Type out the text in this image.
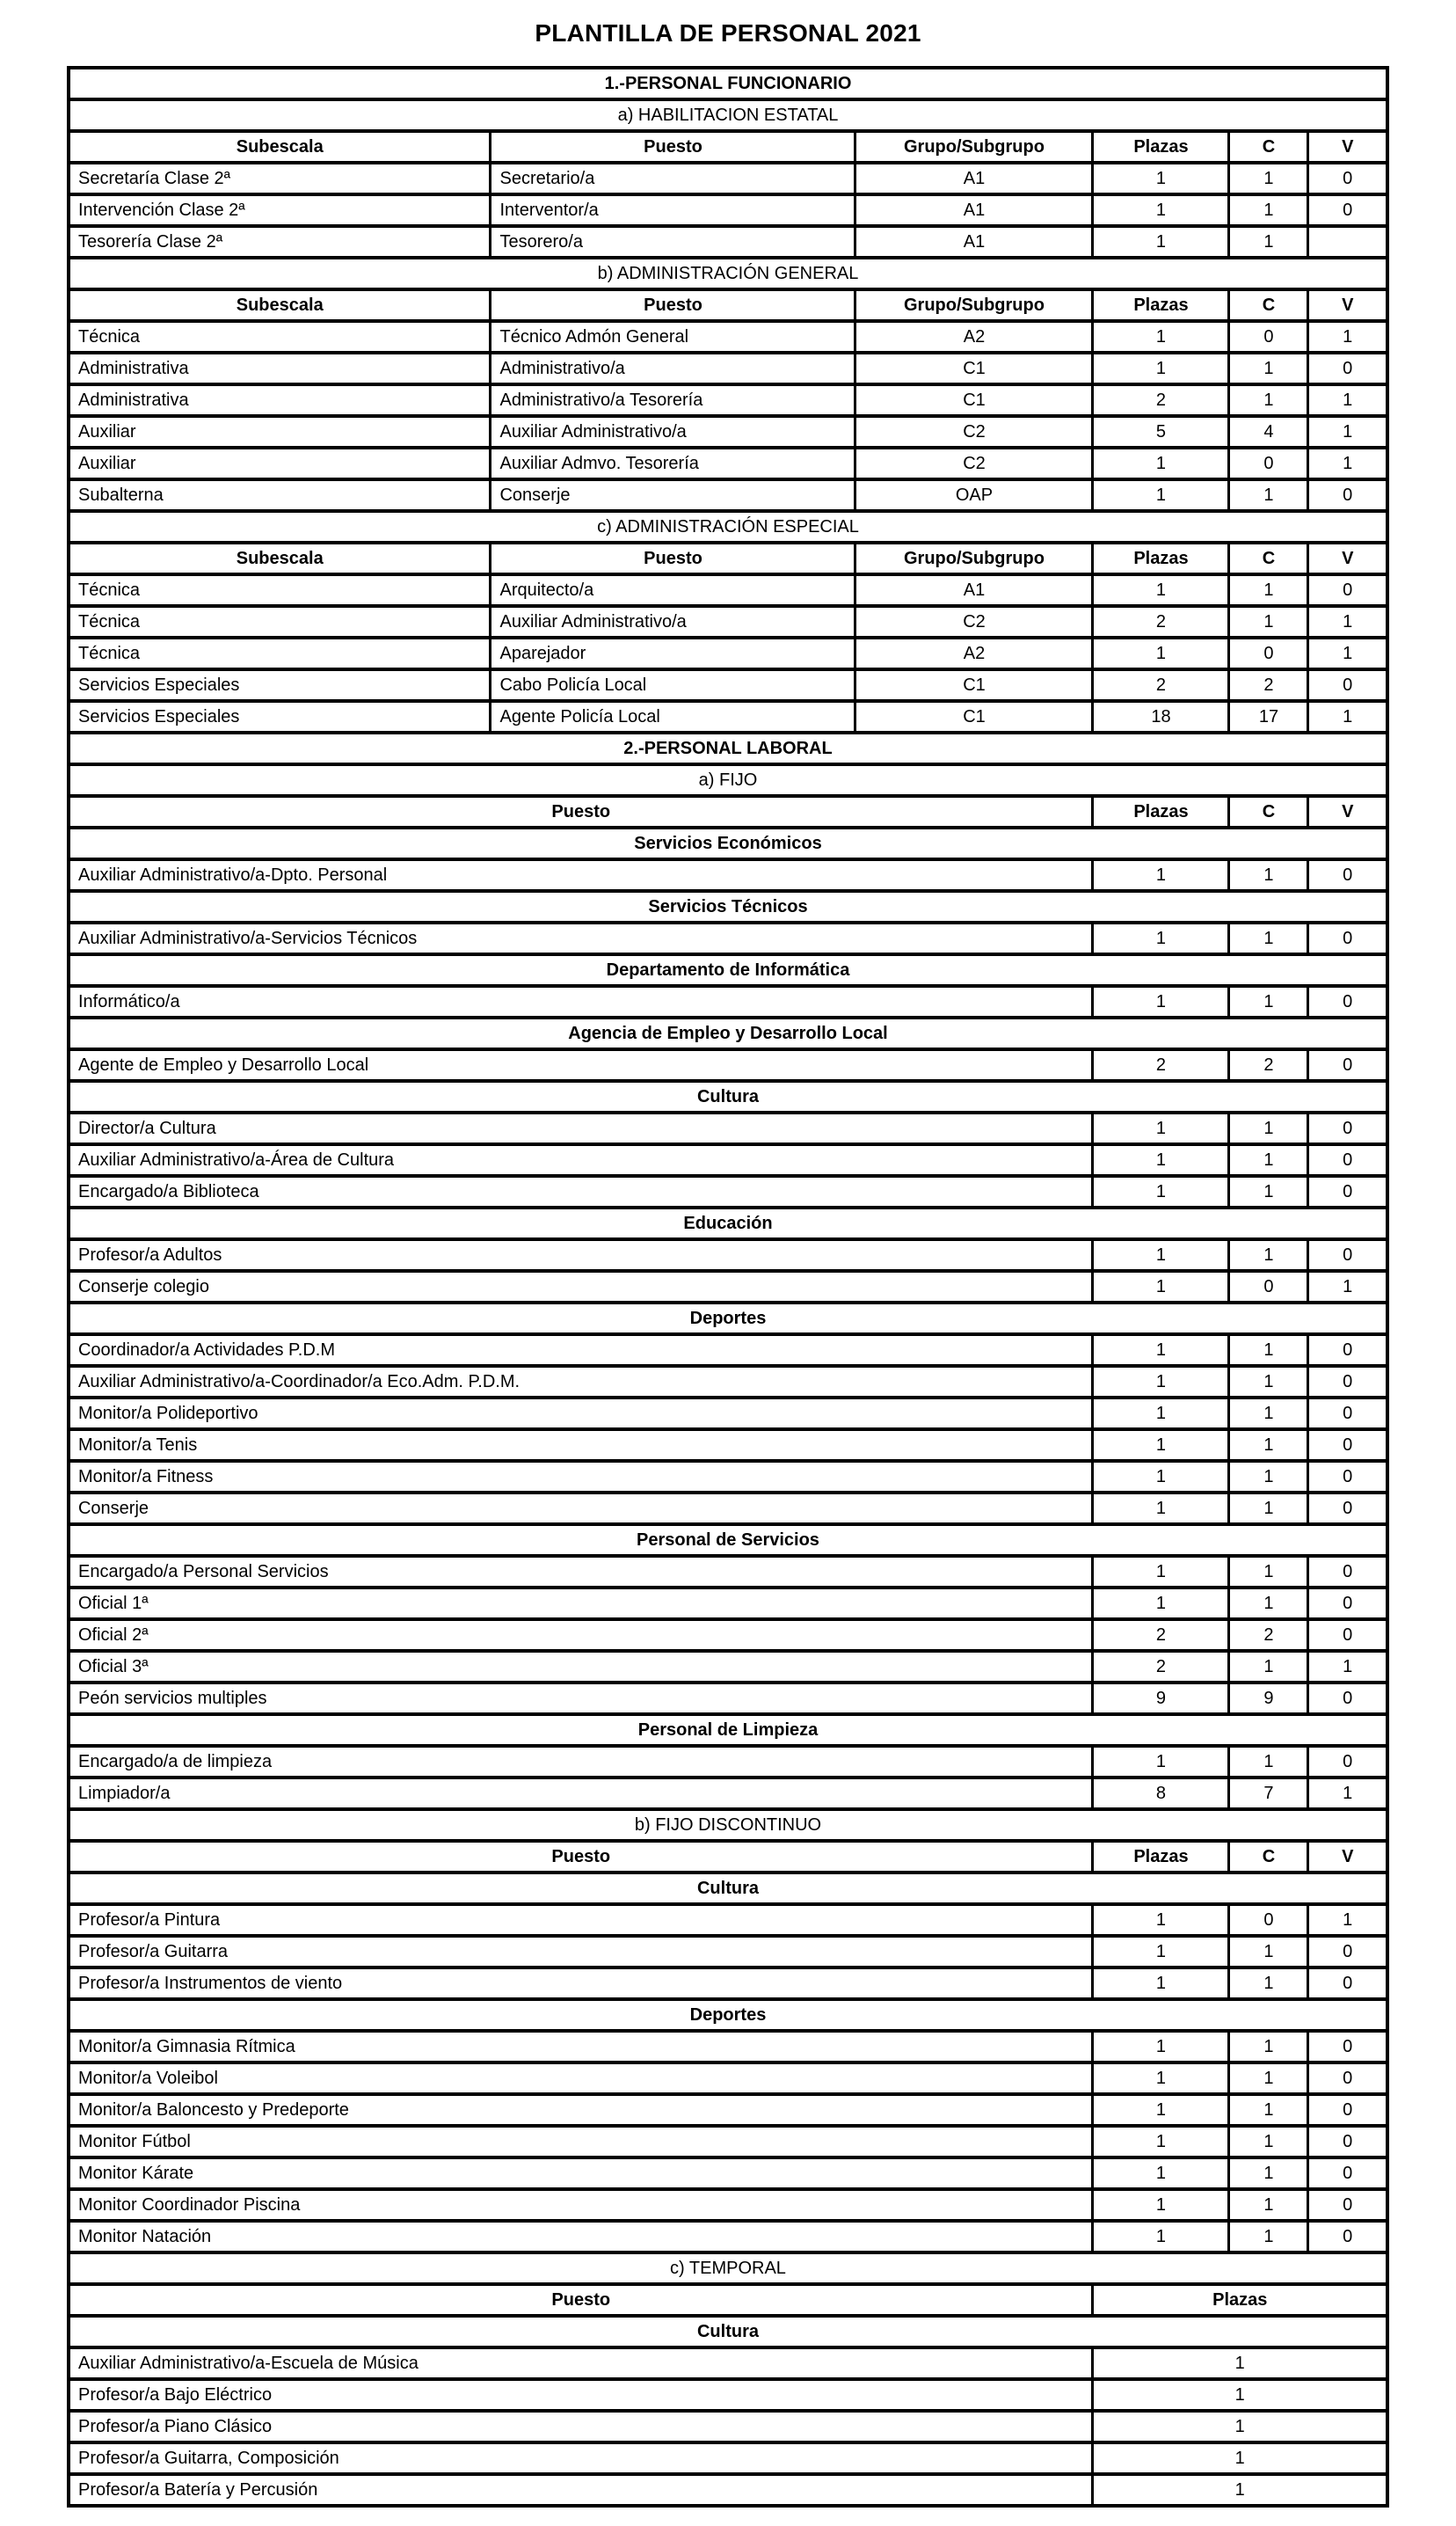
PLANTILLA DE PERSONAL 2021
1.-PERSONAL FUNCIONARIO					
a) HABILITACION ESTATAL					
Subescala	Puesto	Grupo/Subgrupo	Plazas	C	V
Secretaría Clase 2ª	Secretario/a	A1	1	1	0
Intervención Clase 2ª	Interventor/a	A1	1	1	0
Tesorería Clase 2ª	Tesorero/a	A1	1	1	
b) ADMINISTRACIÓN GENERAL					
Subescala	Puesto	Grupo/Subgrupo	Plazas	C	V
Técnica	Técnico Admón General	A2	1	0	1
Administrativa	Administrativo/a	C1	1	1	0
Administrativa	Administrativo/a Tesorería	C1	2	1	1
Auxiliar	Auxiliar Administrativo/a	C2	5	4	1
Auxiliar	Auxiliar Admvo. Tesorería	C2	1	0	1
Subalterna	Conserje	OAP	1	1	0
c) ADMINISTRACIÓN ESPECIAL					
Subescala	Puesto	Grupo/Subgrupo	Plazas	C	V
Técnica	Arquitecto/a	A1	1	1	0
Técnica	Auxiliar Administrativo/a	C2	2	1	1
Técnica	Aparejador	A2	1	0	1
Servicios Especiales	Cabo Policía Local	C1	2	2	0
Servicios Especiales	Agente Policía Local	C1	18	17	1
2.-PERSONAL LABORAL					
a) FIJO					
Puesto			Plazas	C	V
Servicios Económicos					
Auxiliar Administrativo/a-Dpto. Personal			1	1	0
Servicios Técnicos					
Auxiliar Administrativo/a-Servicios Técnicos			1	1	0
Departamento de Informática					
Informático/a			1	1	0
Agencia de Empleo y Desarrollo Local					
Agente de Empleo y Desarrollo Local			2	2	0
Cultura					
Director/a Cultura			1	1	0
Auxiliar Administrativo/a-Área de Cultura			1	1	0
Encargado/a Biblioteca			1	1	0
Educación					
Profesor/a Adultos			1	1	0
Conserje colegio			1	0	1
Deportes					
Coordinador/a Actividades P.D.M			1	1	0
Auxiliar Administrativo/a-Coordinador/a Eco.Adm. P.D.M.			1	1	0
Monitor/a Polideportivo			1	1	0
Monitor/a Tenis			1	1	0
Monitor/a Fitness			1	1	0
Conserje			1	1	0
Personal de Servicios					
Encargado/a Personal Servicios			1	1	0
Oficial 1ª			1	1	0
Oficial 2ª			2	2	0
Oficial 3ª			2	1	1
Peón servicios multiples			9	9	0
Personal de Limpieza					
Encargado/a de limpieza			1	1	0
Limpiador/a			8	7	1
b) FIJO DISCONTINUO					
Puesto			Plazas	C	V
Cultura					
Profesor/a Pintura			1	0	1
Profesor/a Guitarra			1	1	0
Profesor/a Instrumentos de viento			1	1	0
Deportes					
Monitor/a Gimnasia Rítmica			1	1	0
Monitor/a Voleibol			1	1	0
Monitor/a Baloncesto y Predeporte			1	1	0
Monitor Fútbol			1	1	0
Monitor Kárate			1	1	0
Monitor Coordinador Piscina			1	1	0
Monitor Natación			1	1	0
c) TEMPORAL					
Puesto			Plazas		
Cultura					
Auxiliar Administrativo/a-Escuela de Música			1		
Profesor/a Bajo Eléctrico			1		
Profesor/a Piano Clásico			1		
Profesor/a Guitarra, Composición			1		
Profesor/a Batería y Percusión			1		
